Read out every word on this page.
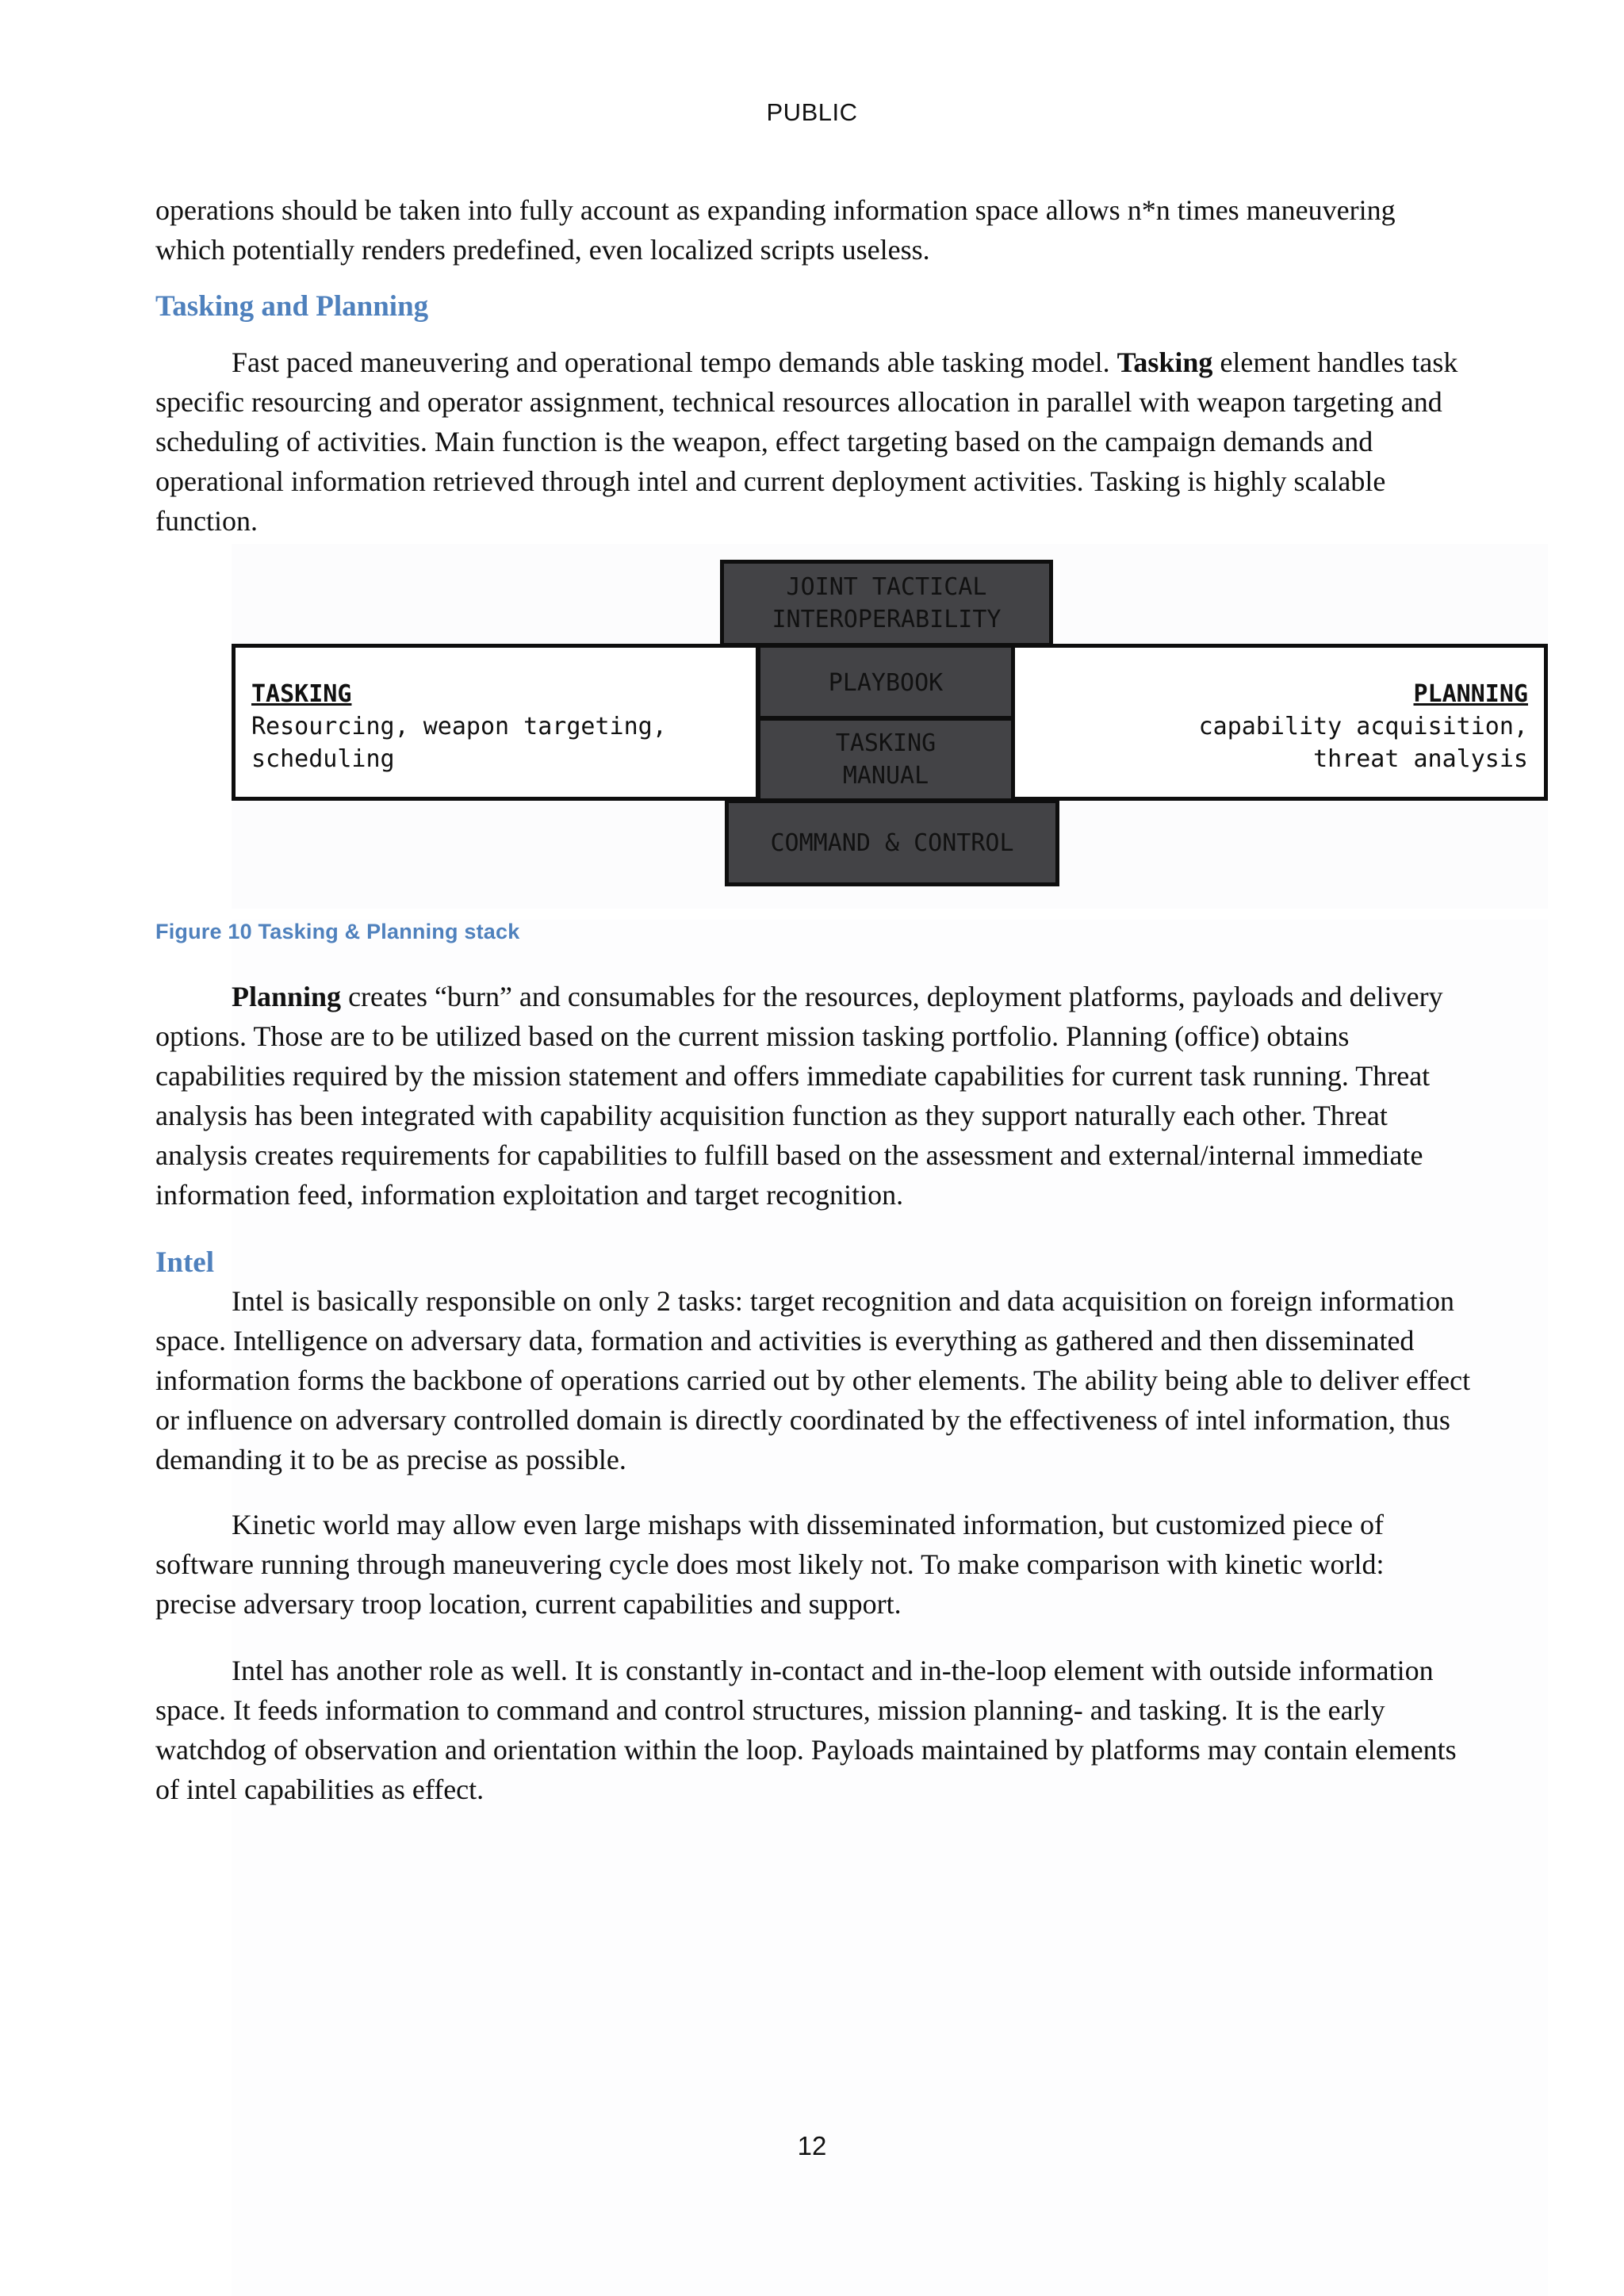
PUBLIC
operations should be taken into fully account as expanding information space allows n*n times maneuvering
which potentially renders predefined, even localized scripts useless.
Tasking and Planning

Fast paced maneuvering and operational tempo demands able tasking model. Tasking element handles task specific resourcing and operator assignment, technical resources allocation in parallel with weapon targeting and scheduling of activities. Main function is the weapon, effect targeting based on the campaign demands and operational information retrieved through intel and current deployment activities. Tasking is highly scalable function.

JOINT TACTICAL
INTEROPERABILITY
TASKING
Resourcing, weapon targeting,
scheduling
PLANNING
capability acquisition,
threat analysis
PLAYBOOK
TASKING
MANUAL
COMMAND & CONTROL
Figure 10 Tasking & Planning stack

Planning creates “burn” and consumables for the resources, deployment platforms, payloads and delivery options. Those are to be utilized based on the current mission tasking portfolio. Planning (office) obtains capabilities required by the mission statement and offers immediate capabilities for current task running. Threat analysis has been integrated with capability acquisition function as they support naturally each other. Threat analysis creates requirements for capabilities to fulfill based on the assessment and external/internal immediate information feed, information exploitation and target recognition.

Intel

Intel is basically responsible on only 2 tasks: target recognition and data acquisition on foreign information space. Intelligence on adversary data, formation and activities is everything as gathered and then disseminated information forms the backbone of operations carried out by other elements. The ability being able to deliver effect or influence on adversary controlled domain is directly coordinated by the effectiveness of intel information, thus demanding it to be as precise as possible.

Kinetic world may allow even large mishaps with disseminated information, but customized piece of software running through maneuvering cycle does most likely not. To make comparison with kinetic world: precise adversary troop location, current capabilities and support.

Intel has another role as well. It is constantly in-contact and in-the-loop element with outside information space. It feeds information to command and control structures, mission planning- and tasking. It is the early watchdog of observation and orientation within the loop. Payloads maintained by platforms may contain elements of intel capabilities as effect.

12
